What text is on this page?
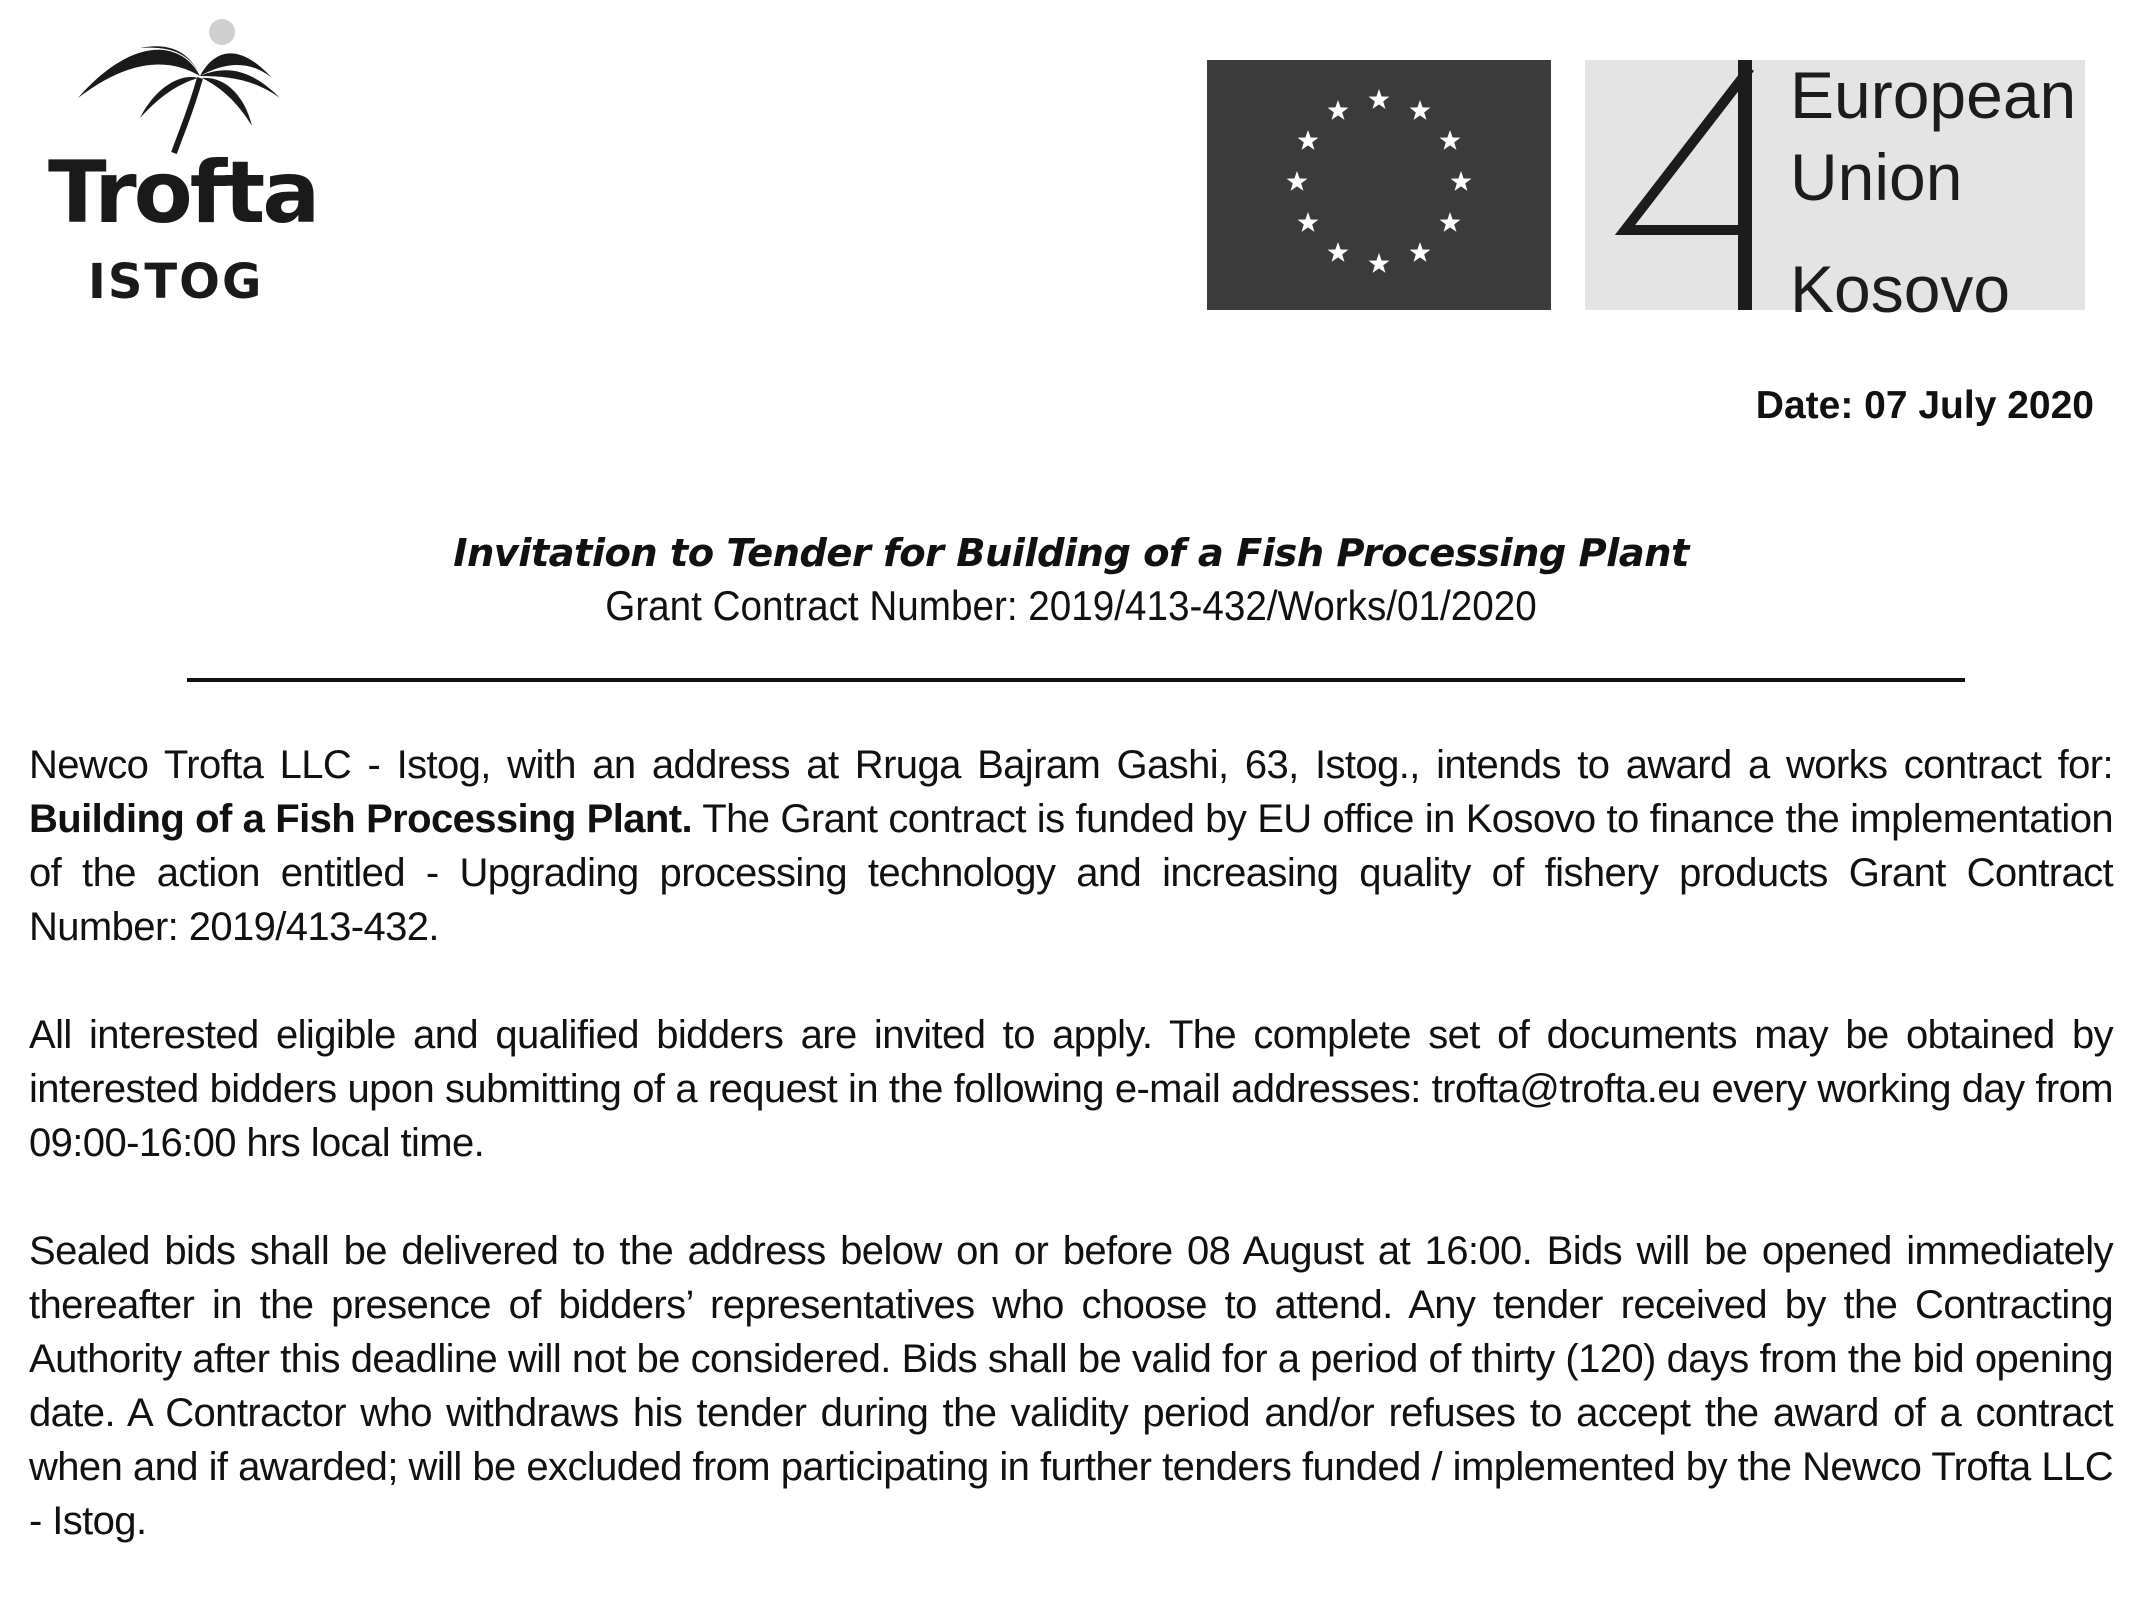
Trofta
ISTOG
European
Union
Kosovo
Date: 07 July 2020
Invitation to Tender for Building of a Fish Processing Plant
Grant Contract Number: 2019/413-432/Works/01/2020

Newco Trofta LLC - Istog, with an address at Rruga Bajram Gashi, 63, Istog., intends to award a works contract for: Building of a Fish Processing Plant. The Grant contract is funded by EU office in Kosovo to finance the implementation of the action entitled - Upgrading processing technology and increasing quality of fishery products Grant Contract Number: 2019/413-432.

All interested eligible and qualified bidders are invited to apply. The complete set of documents may be obtained by interested bidders upon submitting of a request in the following e-mail addresses: trofta@trofta.eu every working day from 09:00-16:00 hrs local time.

Sealed bids shall be delivered to the address below on or before 08 August at 16:00. Bids will be opened immediately thereafter in the presence of bidders’ representatives who choose to attend. Any tender received by the Contracting Authority after this deadline will not be considered. Bids shall be valid for a period of thirty (120) days from the bid opening date. A Contractor who withdraws his tender during the validity period and/or refuses to accept the award of a contract when and if awarded; will be excluded from participating in further tenders funded / implemented by the Newco Trofta LLC - Istog.
